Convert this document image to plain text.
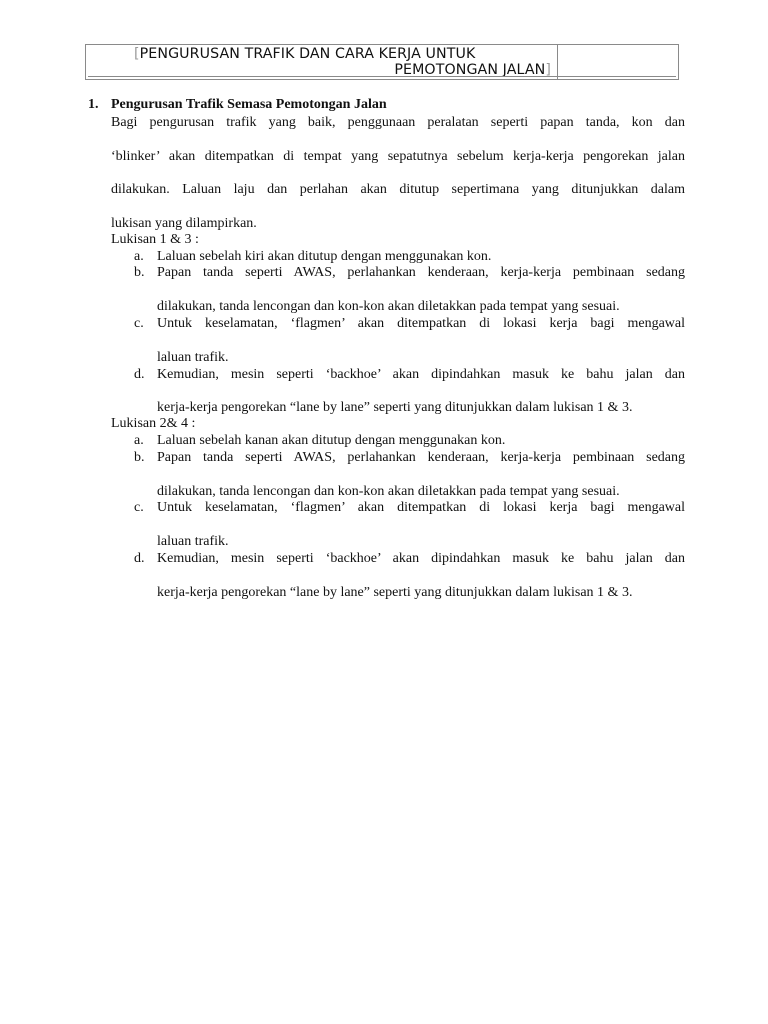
[PENGURUSAN TRAFIK DAN CARA KERJA UNTUK
PEMOTONGAN JALAN]
1. Pengurusan Trafik Semasa Pemotongan Jalan
Bagi pengurusan trafik yang baik, penggunaan peralatan seperti papan tanda, kon dan
‘blinker’ akan ditempatkan di tempat yang sepatutnya sebelum kerja-kerja pengorekan jalan
dilakukan. Laluan laju dan perlahan akan ditutup sepertimana yang ditunjukkan dalam
lukisan yang dilampirkan.
Lukisan 1 & 3 :
a. Laluan sebelah kiri akan ditutup dengan menggunakan kon.
b. Papan tanda seperti AWAS, perlahankan kenderaan, kerja-kerja pembinaan sedang
dilakukan, tanda lencongan dan kon-kon akan diletakkan pada tempat yang sesuai.
c. Untuk keselamatan, ‘flagmen’ akan ditempatkan di lokasi kerja bagi mengawal
laluan trafik.
d. Kemudian, mesin seperti ‘backhoe’ akan dipindahkan masuk ke bahu jalan dan
kerja-kerja pengorekan “lane by lane” seperti yang ditunjukkan dalam lukisan 1 & 3.
Lukisan 2& 4 :
a. Laluan sebelah kanan akan ditutup dengan menggunakan kon.
b. Papan tanda seperti AWAS, perlahankan kenderaan, kerja-kerja pembinaan sedang
dilakukan, tanda lencongan dan kon-kon akan diletakkan pada tempat yang sesuai.
c. Untuk keselamatan, ‘flagmen’ akan ditempatkan di lokasi kerja bagi mengawal
laluan trafik.
d. Kemudian, mesin seperti ‘backhoe’ akan dipindahkan masuk ke bahu jalan dan
kerja-kerja pengorekan “lane by lane” seperti yang ditunjukkan dalam lukisan 1 & 3.
